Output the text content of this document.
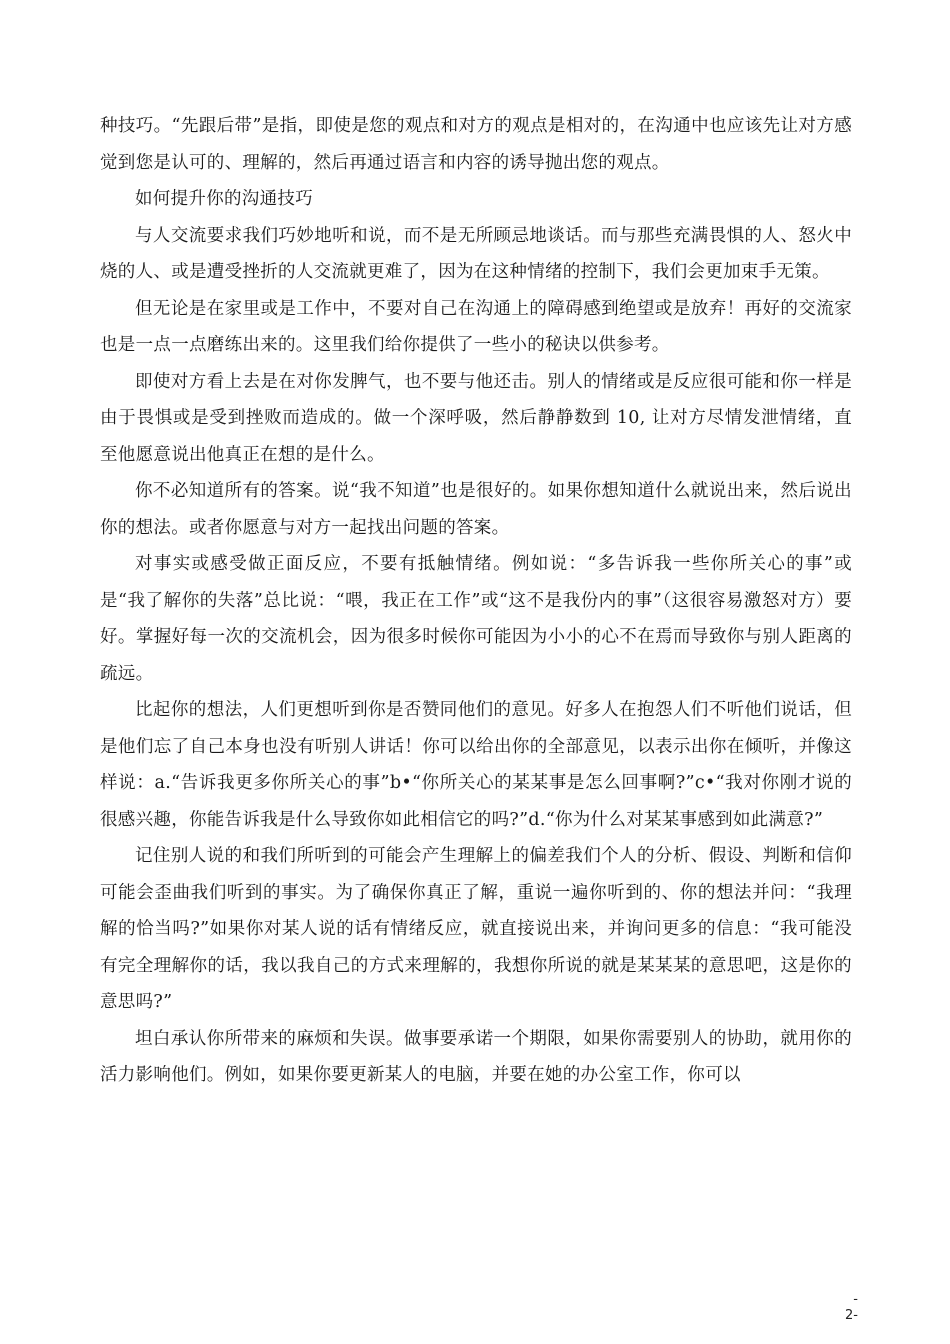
种技巧。“先跟后带”是指，即使是您的观点和对方的观点是相对的，在沟通中也应该先让对方感觉到您是认可的、理解的，然后再通过语言和内容的诱导抛出您的观点。

如何提升你的沟通技巧

与人交流要求我们巧妙地听和说，而不是无所顾忌地谈话。而与那些充满畏惧的人、怒火中烧的人、或是遭受挫折的人交流就更难了，因为在这种情绪的控制下，我们会更加束手无策。

但无论是在家里或是工作中，不要对自己在沟通上的障碍感到绝望或是放弃！再好的交流家也是一点一点磨练出来的。这里我们给你提供了一些小的秘诀以供参考。

即使对方看上去是在对你发脾气，也不要与他还击。别人的情绪或是反应很可能和你一样是由于畏惧或是受到挫败而造成的。做一个深呼吸，然后静静数到 10, 让对方尽情发泄情绪，直至他愿意说出他真正在想的是什么。

你不必知道所有的答案。说“我不知道”也是很好的。如果你想知道什么就说出来，然后说出你的想法。或者你愿意与对方一起找出问题的答案。

对事实或感受做正面反应，不要有抵触情绪。例如说：“多告诉我一些你所关心的事”或是“我了解你的失落”总比说：“喂，我正在工作”或“这不是我份内的事”（这很容易激怒对方）要好。掌握好每一次的交流机会，因为很多时候你可能因为小小的心不在焉而导致你与别人距离的疏远。

比起你的想法，人们更想听到你是否赞同他们的意见。好多人在抱怨人们不听他们说话，但是他们忘了自己本身也没有听别人讲话！你可以给出你的全部意见，以表示出你在倾听，并像这样说：a.“告诉我更多你所关心的事”b•“你所关心的某某事是怎么回事啊?”c•“我对你刚才说的很感兴趣，你能告诉我是什么导致你如此相信它的吗?”d.“你为什么对某某事感到如此满意?”

记住别人说的和我们所听到的可能会产生理解上的偏差我们个人的分析、假设、判断和信仰可能会歪曲我们听到的事实。为了确保你真正了解，重说一遍你听到的、你的想法并问：“我理解的恰当吗?”如果你对某人说的话有情绪反应，就直接说出来，并询问更多的信息：“我可能没有完全理解你的话，我以我自己的方式来理解的，我想你所说的就是某某某的意思吧，这是你的意思吗?”

坦白承认你所带来的麻烦和失误。做事要承诺一个期限，如果你需要别人的协助，就用你的活力影响他们。例如，如果你要更新某人的电脑，并要在她的办公室工作，你可以

-
2-
